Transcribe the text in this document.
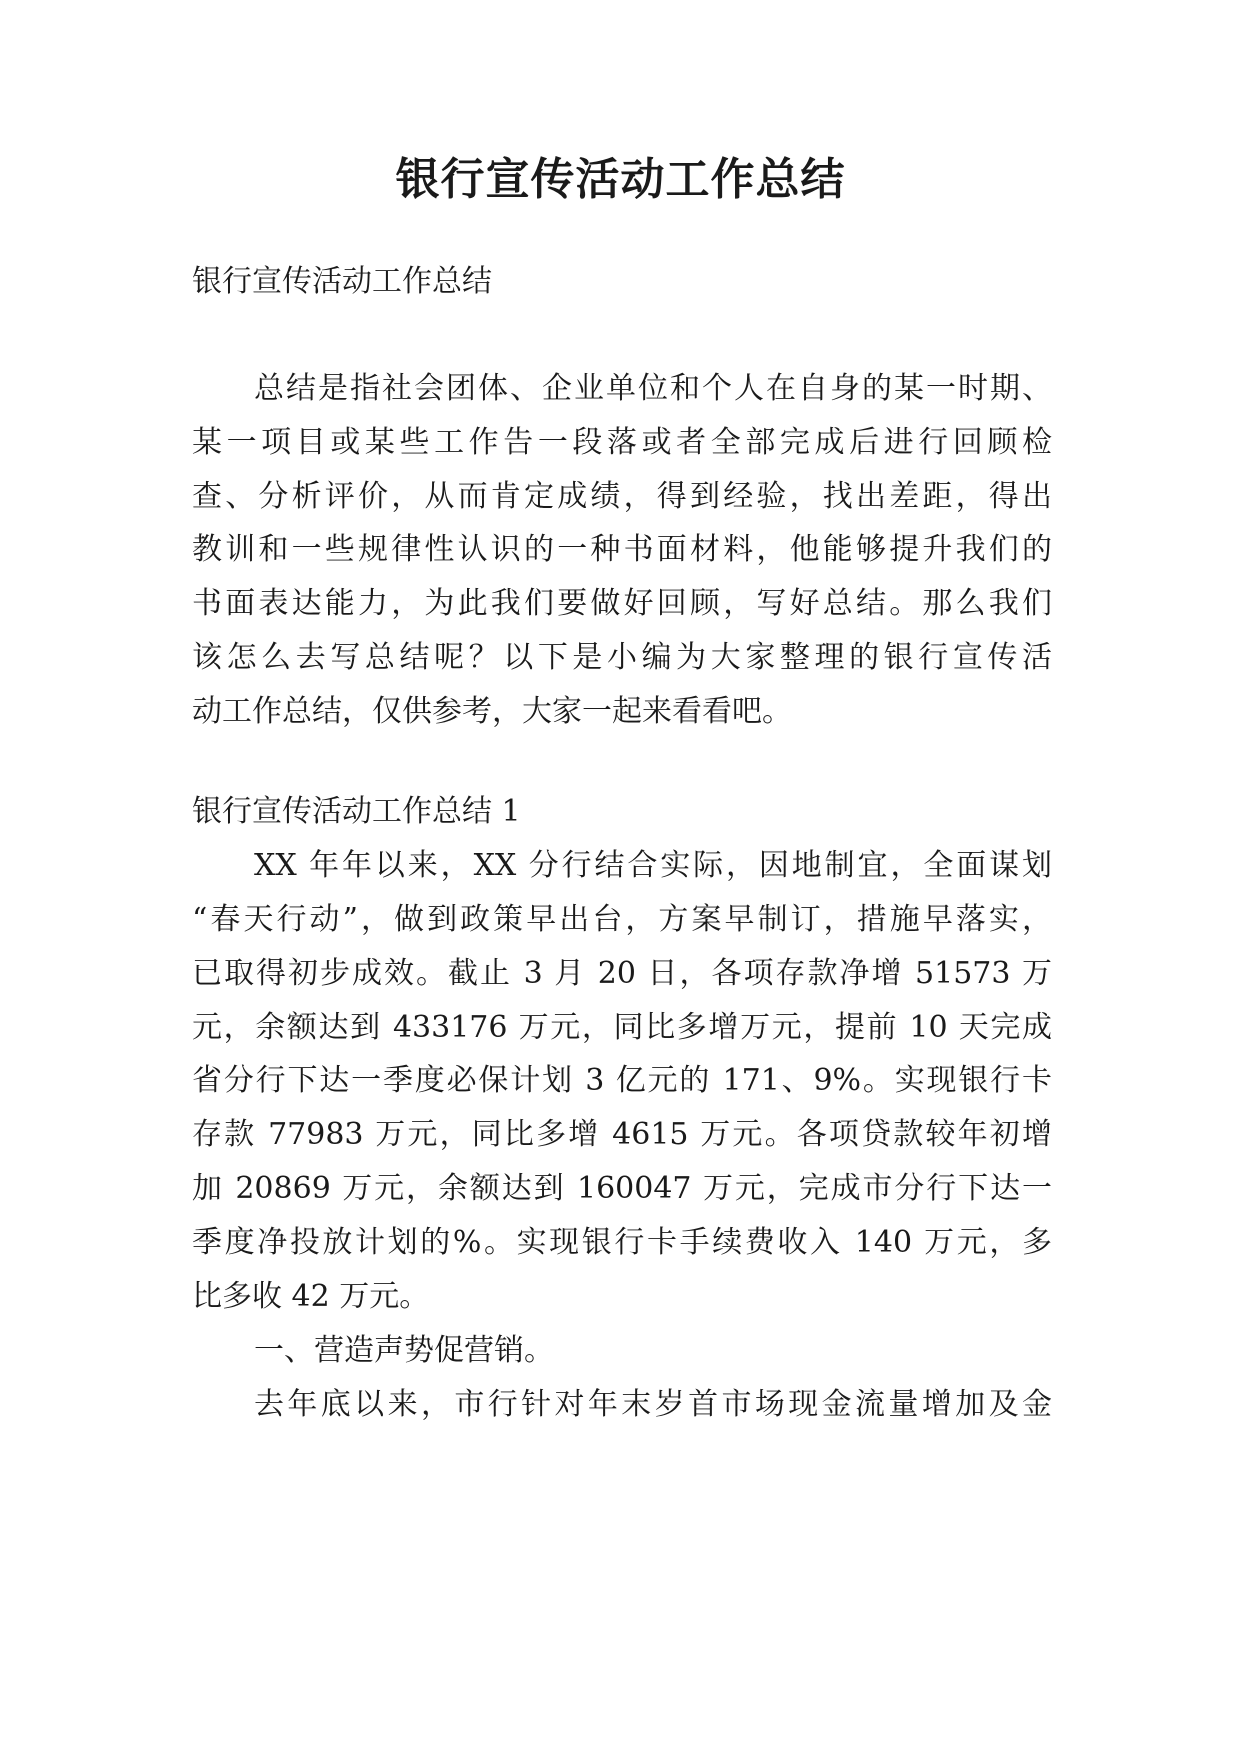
银行宣传活动工作总结

银行宣传活动工作总结

总结是指社会团体、企业单位和个人在自身的某一时期、

某一项目或某些工作告一段落或者全部完成后进行回顾检

查、分析评价，从而肯定成绩，得到经验，找出差距，得出

教训和一些规律性认识的一种书面材料，他能够提升我们的

书面表达能力，为此我们要做好回顾，写好总结。那么我们

该怎么去写总结呢？以下是小编为大家整理的银行宣传活

动工作总结，仅供参考，大家一起来看看吧。

银行宣传活动工作总结 1

XX 年年以来，XX 分行结合实际，因地制宜，全面谋划

“春天行动”，做到政策早出台，方案早制订，措施早落实，

已取得初步成效。截止 3 月 20 日，各项存款净增 51573 万

元，余额达到 433176 万元，同比多增万元，提前 10 天完成

省分行下达一季度必保计划 3 亿元的 171、9%。实现银行卡

存款 77983 万元，同比多增 4615 万元。各项贷款较年初增

加 20869 万元，余额达到 160047 万元，完成市分行下达一

季度净投放计划的%。实现银行卡手续费收入 140 万元，多

比多收 42 万元。

一、营造声势促营销。

去年底以来，市行针对年末岁首市场现金流量增加及金
